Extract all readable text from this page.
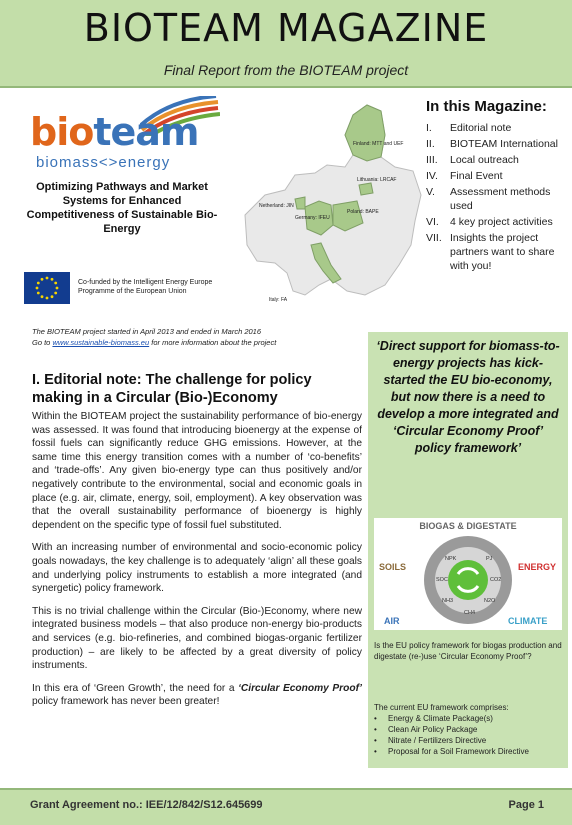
BIOTEAM MAGAZINE
Final Report from the BIOTEAM project
bioteam
biomass<>energy
Optimizing Pathways and Market Systems for Enhanced Competitiveness of Sustainable Bio-Energy
Co-funded by the Intelligent Energy Europe Programme of the European Union
Finland: MTT and UEF
Lithuania: LRCAF
Netherland: JIN
Germany: IFEU
Poland: BAPE
Italy: FA
In this Magazine:
I.	Editorial note
II.	BIOTEAM International
III.	Local outreach
IV.	Final Event
V.	Assessment methods used
VI.	4 key project activities
VII. Insights the project partners want to share with you!
The BIOTEAM project started in April 2013 and ended in March 2016
Go to www.sustainable-biomass.eu for more information about the project
I. Editorial note: The challenge for policy making in a Circular (Bio-)Economy

Within the BIOTEAM project the sustainability performance of bio-energy was assessed. It was found that introducing bioenergy at the expense of fossil fuels can significantly reduce GHG emissions. However, at the same time this energy transition comes with a number of ‘co-benefits’ and ‘trade-offs’. Any given bio-energy type can thus positively and/or negatively contribute to the environmental, social and economic goals in place (e.g. air, climate, energy, soil, employment). A key observation was that the overall sustainability performance of bioenergy is highly dependent on the specific type of fossil fuel substituted.

With an increasing number of environmental and socio-economic policy goals nowadays, the key challenge is to adequately ‘align’ all these goals and underlying policy instruments to establish a more integrated (and synergetic) policy framework.

This is no trivial challenge within the Circular (Bio-)Economy, where new integrated business models – that also produce non-energy bio-products and services (e.g. bio-refineries, and combined biogas-organic fertilizer production) – are likely to be affected by a great diversity of policy instruments.

In this era of ‘Green Growth’, the need for a ‘Circular Economy Proof’ policy framework has never been greater!

‘Direct support for biomass-to-energy projects has kick-started the EU bio-economy, but now there is a need to develop a more integrated and ‘Circular Economy Proof’ policy framework’
BIOGAS & DIGESTATE
SOILS	ENERGY
AIR	CLIMATE
NPK	PJ
SOC	CO2
NH3	N2O
CH4
Is the EU policy framework for biogas production and digestate (re-)use ‘Circular Economy Proof’?
The current EU framework comprises:
•	Energy & Climate Package(s)
•	Clean Air Policy Package
•	Nitrate / Fertilizers Directive
•	Proposal for a Soil Framework Directive
Grant Agreement no.: IEE/12/842/S12.645699	Page 1
